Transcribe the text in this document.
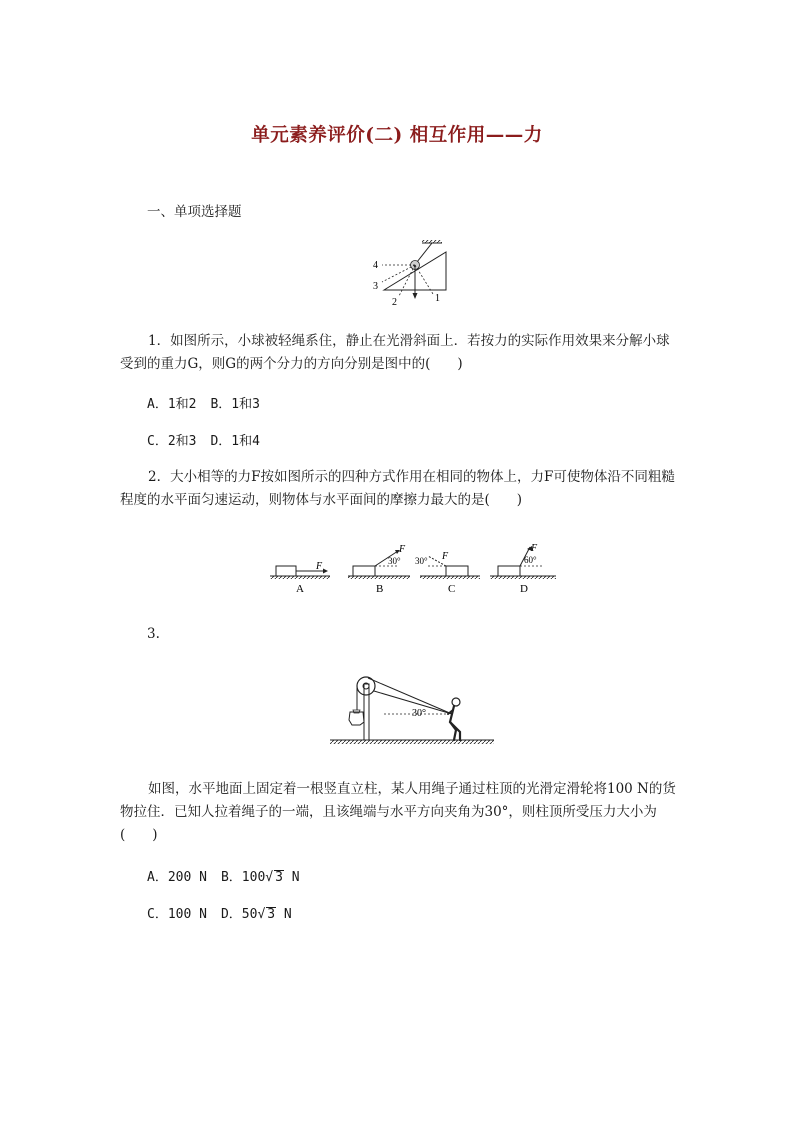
单元素养评价(二) 相互作用——力
一、单项选择题
4
3
2	1
1．如图所示，小球被轻绳系住，静止在光滑斜面上．若按力的实际作用效果来分解小球受到的重力G，则G的两个分力的方向分别是图中的(　　)
A．1和2 B．1和3
C．2和3 D．1和4
2．大小相等的力F按如图所示的四种方式作用在相同的物体上，力F可使物体沿不同粗糙程度的水平面匀速运动，则物体与水平面间的摩擦力最大的是(　　)
F
A
F
30°
B
F
30°
C
F
60°
D
3.
30°
如图，水平地面上固定着一根竖直立柱，某人用绳子通过柱顶的光滑定滑轮将100 N的货物拉住．已知人拉着绳子的一端，且该绳端与水平方向夹角为30°，则柱顶所受压力大小为(　　)
A．200 N B．100√ 3 N
C．100 N D．50√ 3 N
